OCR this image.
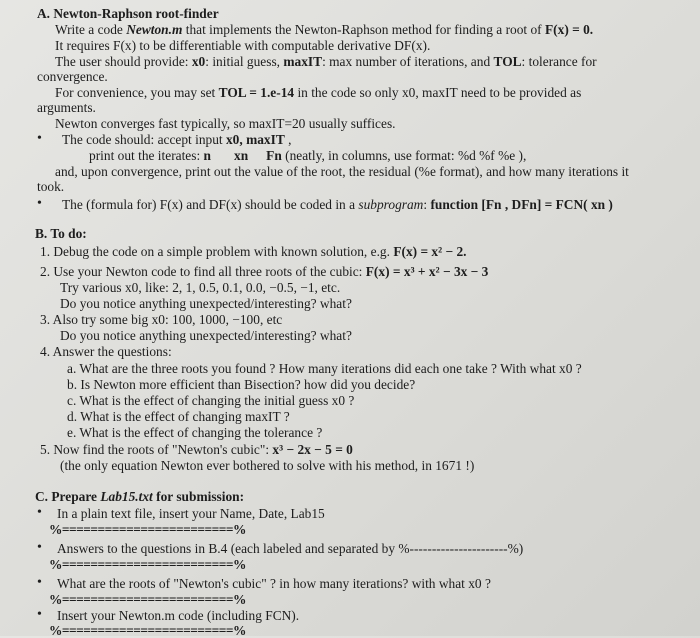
A. Newton-Raphson root-finder
Write a code Newton.m that implements the Newton-Raphson method for finding a root of F(x) = 0.
It requires F(x) to be differentiable with computable derivative DF(x).
The user should provide: x0: initial guess, maxIT: max number of iterations, and TOL: tolerance for
convergence.
For convenience, you may set TOL = 1.e-14 in the code so only x0, maxIT need to be provided as
arguments.
Newton converges fast typically, so maxIT=20 usually suffices.
• The code should: accept input x0, maxIT ,
print out the iterates: n xn Fn (neatly, in columns, use format: %d %f %e ),
and, upon convergence, print out the value of the root, the residual (%e format), and how many iterations it
took.
• The (formula for) F(x) and DF(x) should be coded in a subprogram: function [Fn , DFn] = FCN( xn )
B. To do:
1. Debug the code on a simple problem with known solution, e.g. F(x) = x² − 2.
2. Use your Newton code to find all three roots of the cubic: F(x) = x³ + x² − 3x − 3
Try various x0, like: 2, 1, 0.5, 0.1, 0.0, −0.5, −1, etc.
Do you notice anything unexpected/interesting? what?
3. Also try some big x0: 100, 1000, −100, etc
Do you notice anything unexpected/interesting? what?
4. Answer the questions:
a. What are the three roots you found ? How many iterations did each one take ? With what x0 ?
b. Is Newton more efficient than Bisection? how did you decide?
c. What is the effect of changing the initial guess x0 ?
d. What is the effect of changing maxIT ?
e. What is the effect of changing the tolerance ?
5. Now find the roots of "Newton's cubic": x³ − 2x − 5 = 0
(the only equation Newton ever bothered to solve with his method, in 1671 !)
C. Prepare Lab15.txt for submission:
• In a plain text file, insert your Name, Date, Lab15
%========================%
• Answers to the questions in B.4 (each labeled and separated by %----------------------%)
%========================%
• What are the roots of "Newton's cubic" ? in how many iterations? with what x0 ?
%========================%
• Insert your Newton.m code (including FCN).
%========================%
